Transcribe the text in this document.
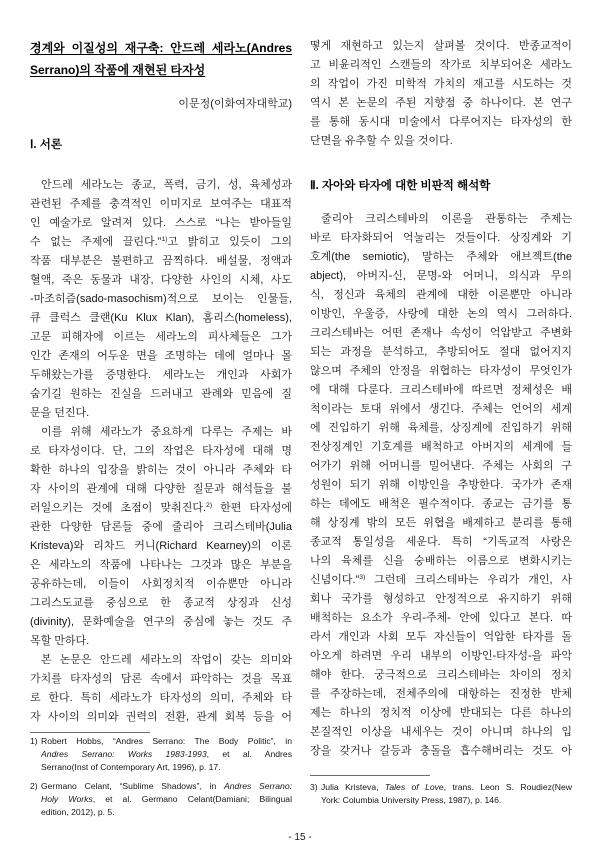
경계와 이질성의 재구축: 안드레 세라노(Andres
Serrano)의 작품에 재현된 타자성
이문정(이화여자대학교)
Ⅰ. 서론
안드레 세라노는 종교, 폭력, 금기, 성, 육체성과
관련된 주제를 충격적인 이미지로 보여주는 대표적
인 예술가로 알려져 있다. 스스로 “나는 받아들일
수 없는 주제에 끌린다.”$^{1)}$고 밝히고 있듯이 그의
작품 대부분은 불편하고 끔찍하다. 배설물, 정액과
혈액, 죽은 동물과 내장, 다양한 사인의 시체, 사도
-마조히즘(sado-masochism)적으로 보이는 인물들,
큐 클럭스 클랜(Ku Klux Klan), 홈리스(homeless),
고문 피해자에 이르는 세라노의 피사체들은 그가
인간 존재의 어두운 면을 조명하는 데에 얼마나 몰
두해왔는가를 증명한다. 세라노는 개인과 사회가
숨기길 원하는 진실을 드러내고 관례와 믿음에 질
문을 던진다.
이를 위해 세라노가 중요하게 다루는 주제는 바
로 타자성이다. 단, 그의 작업은 타자성에 대해 명
확한 하나의 입장을 밝히는 것이 아니라 주체와 타
자 사이의 관계에 대해 다양한 질문과 해석들을 불
러일으키는 것에 초점이 맞춰진다.$^{2)}$ 한편 타자성에
관한 다양한 담론들 중에 줄리아 크리스테바(Julia
Kristeva)와 리차드 커니(Richard Kearney)의 이론
은 세라노의 작품에 나타나는 그것과 많은 부분을
공유하는데, 이들이 사회정치적 이슈뿐만 아니라
그리스도교를 중심으로 한 종교적 상징과 신성
(divinity), 문화예술을 연구의 중심에 놓는 것도 주
목할 만하다.
본 논문은 안드레 세라노의 작업이 갖는 의미와
가치를 타자성의 담론 속에서 파악하는 것을 목표
로 한다. 특히 세라노가 타자성의 의미, 주체와 타
자 사이의 의미와 권력의 전환, 관계 회복 등을 어
1) Robert Hobbs, “Andres Serrano: The Body Politic”, in
Andres Serrano: Works 1983-1993, et al. Andres
Serrano(Inst of Contemporary Art, 1996), p. 17.
2) Germano Celant, “Sublime Shadows”, in Andres Serrano:
Holy Works, et al. Germano Celant(Damiani; Bilingual
edition, 2012), p. 5.
떻게 재현하고 있는지 살펴볼 것이다. 반종교적이
고 비윤리적인 스캔들의 작가로 치부되어온 세라노
의 작업이 가진 미학적 가치의 재고를 시도하는 것
역시 본 논문의 주된 지향점 중 하나이다. 본 연구
를 통해 동시대 미술에서 다루어지는 타자성의 한
단면을 유추할 수 있을 것이다.
Ⅱ. 자아와 타자에 대한 비판적 해석학
줄리아 크리스테바의 이론을 관통하는 주제는
바로 타자화되어 억눌리는 것들이다. 상징계와 기
호계(the semiotic), 말하는 주체와 애브젝트(the
abject), 아버지-신, 문명-와 어머니, 의식과 무의
식, 정신과 육체의 관계에 대한 이론뿐만 아니라
이방인, 우울증, 사랑에 대한 논의 역시 그러하다.
크리스테바는 어떤 존재나 속성이 억압받고 주변화
되는 과정을 분석하고, 추방되어도 절대 없어지지
않으며 주체의 안정을 위협하는 타자성이 무엇인가
에 대해 다룬다. 크리스테바에 따르면 정체성은 배
척이라는 토대 위에서 생긴다. 주체는 언어의 세계
에 진입하기 위해 육체를, 상징계에 진입하기 위해
전상징계인 기호계를 배척하고 아버지의 세계에 들
어가기 위해 어머니를 밀어낸다. 주체는 사회의 구
성원이 되기 위해 이방인을 추방한다. 국가가 존재
하는 데에도 배척은 필수적이다. 종교는 금기를 통
해 상징계 밖의 모든 위협을 배제하고 분리를 통해
종교적 통일성을 세운다. 특히 “기독교적 사랑은
나의 육체를 신을 숭배하는 이름으로 변화시키는
신념이다.”$^{3)}$ 그런데 크리스테바는 우리가 개인, 사
회나 국가를 형성하고 안정적으로 유지하기 위해
배척하는 요소가 우리-주체- 안에 있다고 본다. 따
라서 개인과 사회 모두 자신들이 억압한 타자를 돌
아오게 하려면 우리 내부의 이방인-타자성-을 파악
해야 한다. 궁극적으로 크리스테바는 차이의 정치
를 주장하는데, 전체주의에 대항하는 진정한 반체
제는 하나의 정치적 이상에 반대되는 다른 하나의
본질적인 이상을 내세우는 것이 아니며 하나의 입
장을 갖거나 갈등과 충돌을 흡수해버리는 것도 아
3) Julia Kristeva, Tales of Love, trans. Leon S. Roudiez(New
York: Columbia University Press, 1987), p. 146.
- 15 -
